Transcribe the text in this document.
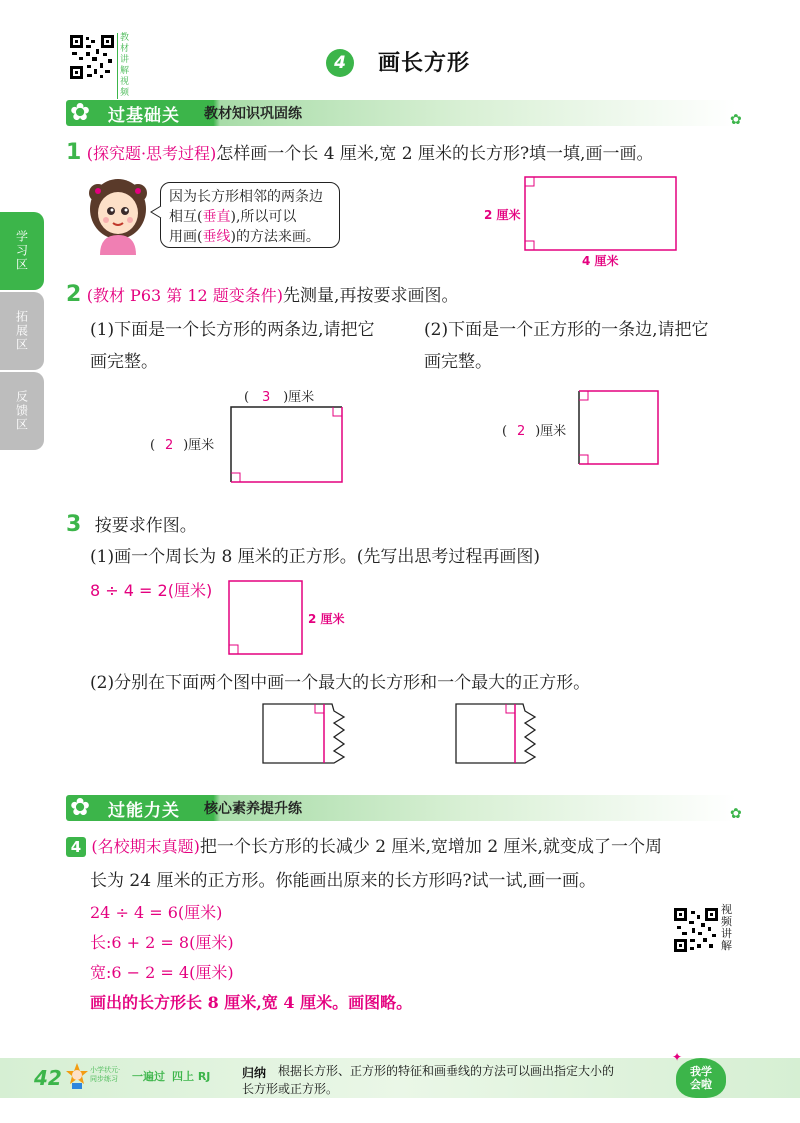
教材讲解视频
4 画长方形
学习区
拓展区
反馈区
✿ 过基础关 教材知识巩固练	✿
1 (探究题·思考过程)怎样画一个长 4 厘米,宽 2 厘米的长方形?填一填,画一画。
因为长方形相邻的两条边
相互(垂直),所以可以
用画(垂线)的方法来画。
2 厘米
4 厘米
2 (教材 P63 第 12 题变条件)先测量,再按要求画图。
(1)下面是一个长方形的两条边,请把它
画完整。
(2)下面是一个正方形的一条边,请把它
画完整。
( 3 )厘米
( 2 )厘米
( 2 )厘米
3 按要求作图。
(1)画一个周长为 8 厘米的正方形。(先写出思考过程再画图)
8 ÷ 4 = 2(厘米)
2 厘米
(2)分别在下面两个图中画一个最大的长方形和一个最大的正方形。
✿ 过能力关 核心素养提升练	✿
4 (名校期末真题)把一个长方形的长减少 2 厘米,宽增加 2 厘米,就变成了一个周
长为 24 厘米的正方形。你能画出原来的长方形吗?试一试,画一画。
24 ÷ 4 = 6(厘米)
长:6 + 2 = 8(厘米)
宽:6 − 2 = 4(厘米)
画出的长方形长 8 厘米,宽 4 厘米。画图略。
视频讲解
42	小学状元·
同步练习 一遍过 四上 RJ	归纳 根据长方形、正方形的特征和画垂线的方法可以画出指定大小的
长方形或正方形。
我学会啦
✦
